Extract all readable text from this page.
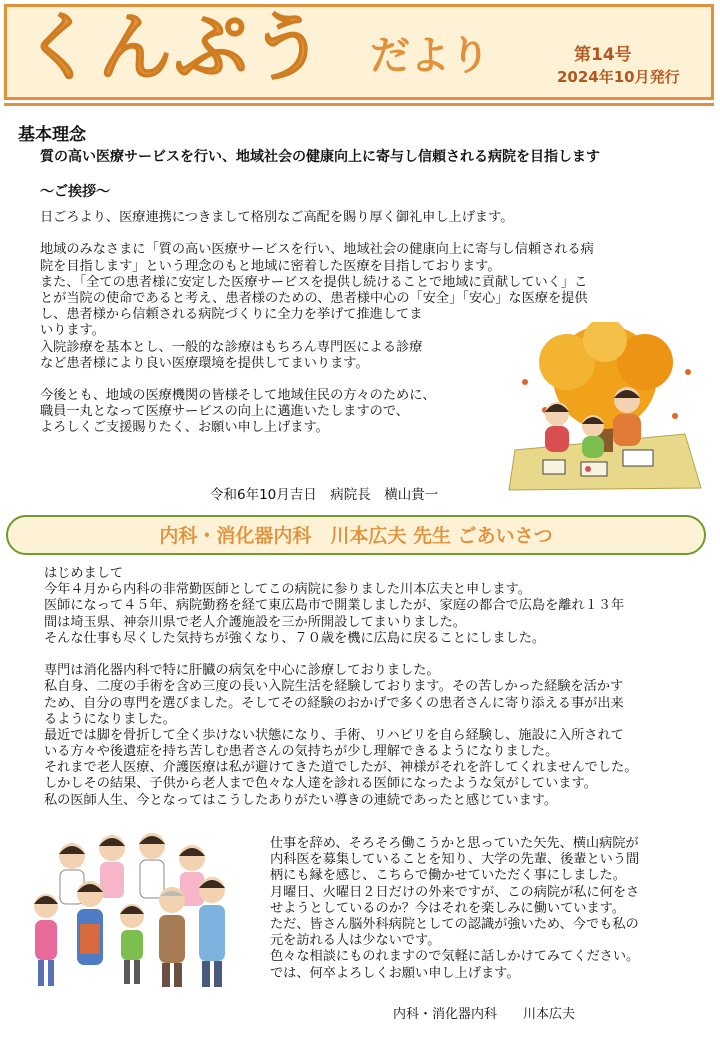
くんぷう だより	第14号
2024年10月発行
基本理念
質の高い医療サービスを行い、地域社会の健康向上に寄与し信頼される病院を目指します
～ご挨拶～
日ごろより、医療連携につきまして格別なご高配を賜り厚く御礼申し上げます。
地域のみなさまに「質の高い医療サービスを行い、地域社会の健康向上に寄与し信頼される病
院を目指します」という理念のもと地域に密着した医療を目指しております。
また、「全ての患者様に安定した医療サービスを提供し続けることで地域に貢献していく」こ
とが当院の使命であると考え、患者様のための、患者様中心の「安全」「安心」な医療を提供
し、患者様から信頼される病院づくりに全力を挙げて推進してま
いります。
入院診療を基本とし、一般的な診療はもちろん専門医による診療
など患者様により良い医療環境を提供してまいります。
今後とも、地域の医療機関の皆様そして地域住民の方々のために、
職員一丸となって医療サービスの向上に邁進いたしますので、
よろしくご支援賜りたく、お願い申し上げます。
令和6年10月吉日　病院長　横山貴一
内科・消化器内科　川本広夫 先生 ごあいさつ
はじめまして
今年４月から内科の非常勤医師としてこの病院に参りました川本広夫と申します。
医師になって４５年、病院勤務を経て東広島市で開業しましたが、家庭の都合で広島を離れ１３年
間は埼玉県、神奈川県で老人介護施設を三か所開設してまいりました。
そんな仕事も尽くした気持ちが強くなり、７０歳を機に広島に戻ることにしました。
専門は消化器内科で特に肝臓の病気を中心に診療しておりました。
私自身、二度の手術を含め三度の長い入院生活を経験しております。その苦しかった経験を活かす
ため、自分の専門を選びました。そしてその経験のおかげで多くの患者さんに寄り添える事が出来
るようになりました。
最近では脚を骨折して全く歩けない状態になり、手術、リハビリを自ら経験し、施設に入所されて
いる方々や後遺症を持ち苦しむ患者さんの気持ちが少し理解できるようになりました。
それまで老人医療、介護医療は私が避けてきた道でしたが、神様がそれを許してくれませんでした。
しかしその結果、子供から老人まで色々な人達を診れる医師になったような気がしています。
私の医師人生、今となってはこうしたありがたい導きの連続であったと感じています。
仕事を辞め、そろそろ働こうかと思っていた矢先、横山病院が
内科医を募集していることを知り、大学の先輩、後輩という間
柄にも縁を感じ、こちらで働かせていただく事にしました。
月曜日、火曜日２日だけの外来ですが、この病院が私に何をさ
せようとしているのか？今はそれを楽しみに働いています。
ただ、皆さん脳外科病院としての認識が強いため、今でも私の
元を訪れる人は少ないです。
色々な相談にものれますので気軽に話しかけてみてください。
では、何卒よろしくお願い申し上げます。
内科・消化器内科　　川本広夫
